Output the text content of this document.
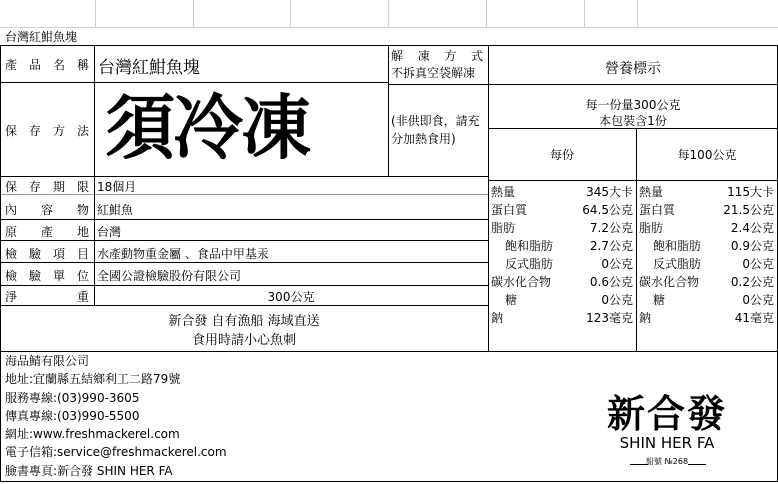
台灣紅魽魚塊
產 品 名 稱 台灣紅魽魚塊
解 凍 方 式
不拆真空袋解凍
保 存 方 法 須冷凍	(非供即食，請充
分加熱食用)
保 存 期 限 18個月
內 容 物 紅魽魚
原 產 地 台灣
檢 驗 項 目 水產動物重金屬 、食品中甲基汞
檢 驗 單 位 全國公證檢驗股份有限公司
淨	重	300公克
新合發 自有漁船 海域直送
食用時請小心魚刺
營養標示
每一份量300公克
本包裝含1份
每份	每100公克
熱量	345大卡 熱量	115大卡
蛋白質	64.5公克 蛋白質	21.5公克
脂肪	7.2公克 脂肪	2.4公克
飽和脂肪	2.7公克	飽和脂肪 0.9公克
反式脂肪	0公克	反式脂肪	0公克
碳水化合物	0.6公克 碳水化合物	0.2公克
糖	0公克	糖	0公克
鈉	123毫克 鈉	41毫克
海品鯖有限公司
地址:宜蘭縣五結鄉利工二路79號
服務專線:(03)990-3605
傳真專線:(03)990-5500
網址:www.freshmackerel.com
電子信箱:service@freshmackerel.com
臉書專頁:新合發 SHIN HER FA
新合發
SHIN HER FA
船號 №268
